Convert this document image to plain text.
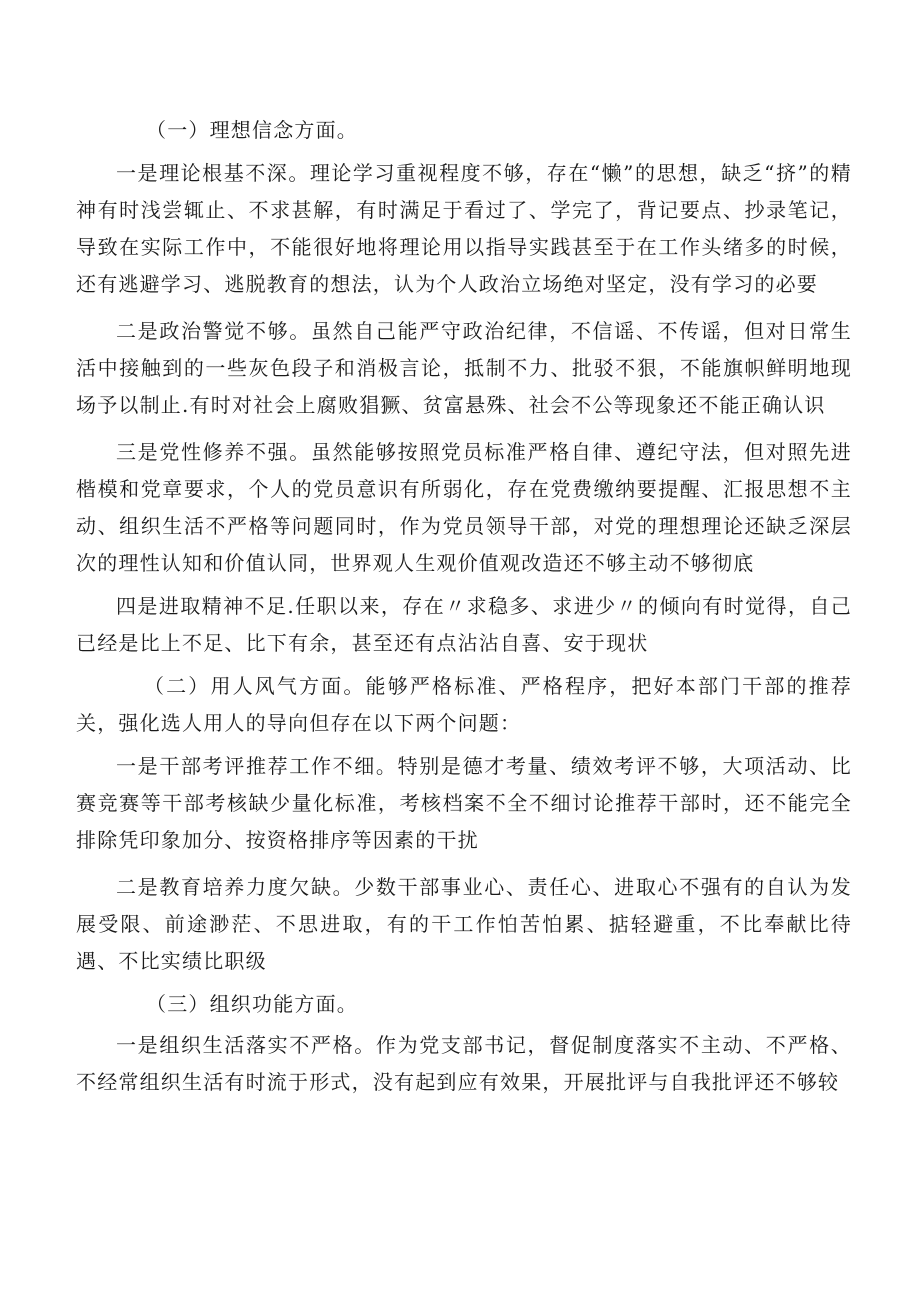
（一）理想信念方面。

一是理论根基不深。理论学习重视程度不够，存在“懒”的思想，缺乏“挤”的精神有时浅尝辄止、不求甚解，有时满足于看过了、学完了，背记要点、抄录笔记，导致在实际工作中，不能很好地将理论用以指导实践甚至于在工作头绪多的时候，还有逃避学习、逃脱教育的想法，认为个人政治立场绝对坚定，没有学习的必要

二是政治警觉不够。虽然自己能严守政治纪律，不信谣、不传谣，但对日常生活中接触到的一些灰色段子和消极言论，抵制不力、批驳不狠，不能旗帜鲜明地现场予以制止.有时对社会上腐败猖獗、贫富悬殊、社会不公等现象还不能正确认识

三是党性修养不强。虽然能够按照党员标准严格自律、遵纪守法，但对照先进楷模和党章要求，个人的党员意识有所弱化，存在党费缴纳要提醒、汇报思想不主动、组织生活不严格等问题同时，作为党员领导干部，对党的理想理论还缺乏深层次的理性认知和价值认同，世界观人生观价值观改造还不够主动不够彻底

四是进取精神不足.任职以来，存在〃求稳多、求进少〃的倾向有时觉得，自己已经是比上不足、比下有余，甚至还有点沾沾自喜、安于现状

（二）用人风气方面。能够严格标准、严格程序，把好本部门干部的推荐关，强化选人用人的导向但存在以下两个问题：

一是干部考评推荐工作不细。特别是德才考量、绩效考评不够，大项活动、比赛竞赛等干部考核缺少量化标准，考核档案不全不细讨论推荐干部时，还不能完全排除凭印象加分、按资格排序等因素的干扰

二是教育培养力度欠缺。少数干部事业心、责任心、进取心不强有的自认为发展受限、前途渺茫、不思进取，有的干工作怕苦怕累、掂轻避重，不比奉献比待遇、不比实绩比职级

（三）组织功能方面。

一是组织生活落实不严格。作为党支部书记，督促制度落实不主动、不严格、不经常组织生活有时流于形式，没有起到应有效果，开展批评与自我批评还不够较
